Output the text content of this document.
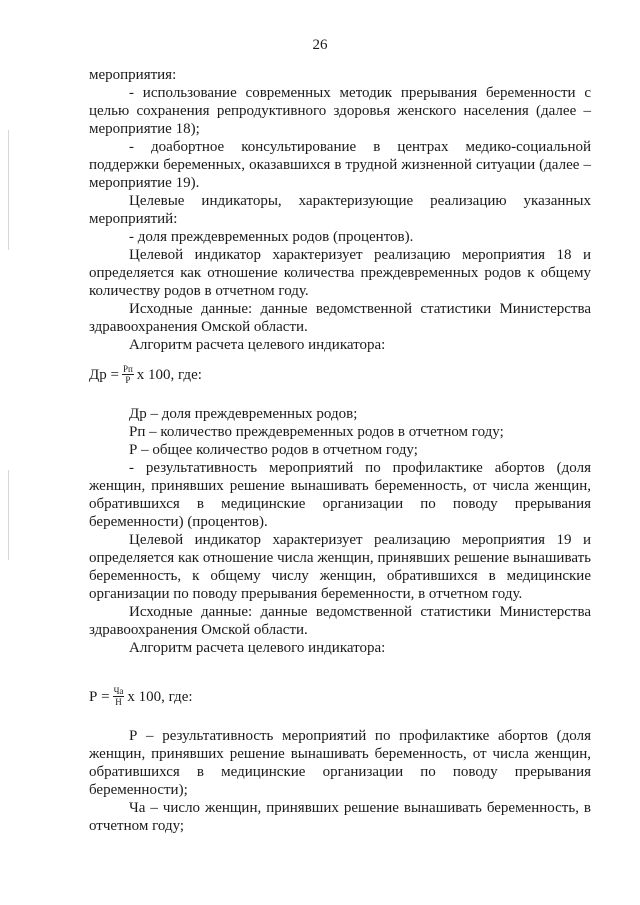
26

мероприятия:

- использование современных методик прерывания беременности с целью сохранения репродуктивного здоровья женского населения (далее – мероприятие 18);

- доабортное консультирование в центрах медико-социальной поддержки беременных, оказавшихся в трудной жизненной ситуации (далее – мероприятие 19).

Целевые индикаторы, характеризующие реализацию указанных мероприятий:

- доля преждевременных родов (процентов).

Целевой индикатор характеризует реализацию мероприятия 18 и определяется как отношение количества преждевременных родов к общему количеству родов в отчетном году.

Исходные данные: данные ведомственной статистики Министерства здравоохранения Омской области.

Алгоритм расчета целевого индикатора:

Др = $\frac{Рп}{Р}$ х 100, где:

Др – доля преждевременных родов;

Рп – количество преждевременных родов в отчетном году;

Р – общее количество родов в отчетном году;

- результативность мероприятий по профилактике абортов (доля женщин, принявших решение вынашивать беременность, от числа женщин, обратившихся в медицинские организации по поводу прерывания беременности) (процентов).

Целевой индикатор характеризует реализацию мероприятия 19 и определяется как отношение числа женщин, принявших решение вынашивать беременность, к общему числу женщин, обратившихся в медицинские организации по поводу прерывания беременности, в отчетном году.

Исходные данные: данные ведомственной статистики Министерства здравоохранения Омской области.

Алгоритм расчета целевого индикатора:

$Р = \frac{Ча}{Н}$ х 100, где:

Р – результативность мероприятий по профилактике абортов (доля женщин, принявших решение вынашивать беременность, от числа женщин, обратившихся в медицинские организации по поводу прерывания беременности);

Ча – число женщин, принявших решение вынашивать беременность, в отчетном году;
